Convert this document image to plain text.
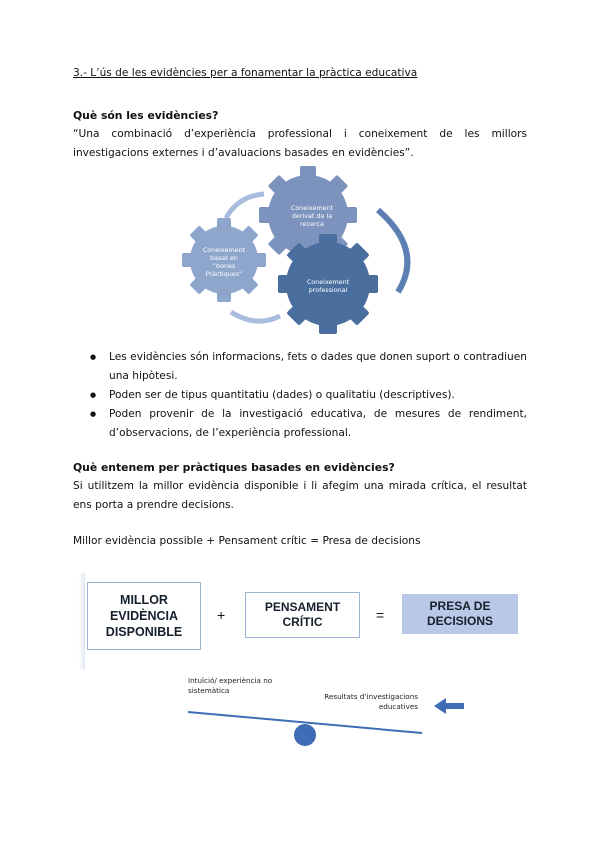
3.- L’ús de les evidències per a fonamentar la pràctica educativa
Què són les evidències?
“Una combinació d’experiència professional i coneixement de les millors investigacions externes i d’avaluacions basades en evidències”.
Coneixement
basat en
“bones
Pràctiques”
Coneixement
derivat de la
recerca
Coneixement
professional
● Les evidències són informacions, fets o dades que donen suport o contradiuen una hipòtesi.
● Poden ser de tipus quantitatiu (dades) o qualitatiu (descriptives).
● Poden provenir de la investigació educativa, de mesures de rendiment, d’observacions, de l’experiència professional.
Què entenem per pràctiques basades en evidències?
Si utilitzem la millor evidència disponible i li afegim una mirada crítica, el resultat ens porta a prendre decisions.
Millor evidència possible + Pensament crític = Presa de decisions
MILLOR EVIDÈNCIA DISPONIBLE
+	PENSAMENT CRÍTIC	=
PRESA DE DECISIONS
Intuïció/ experiència no sistemàtica
Resultats d’investigacions educatives
